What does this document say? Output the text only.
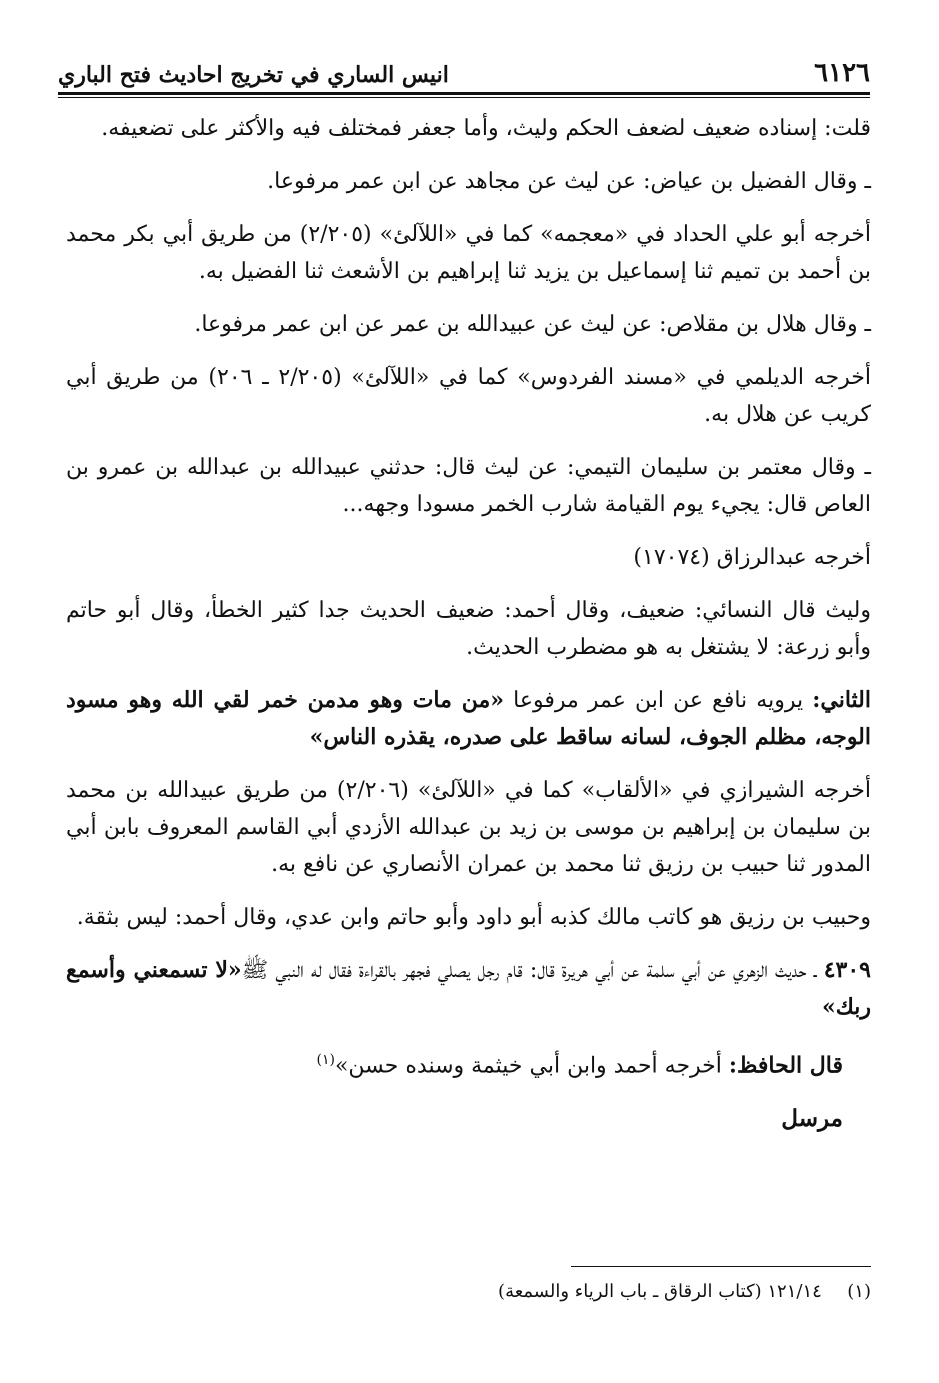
٦١٢٦
انيس الساري في تخريج احاديث فتح الباري

قلت: إسناده ضعيف لضعف الحكم وليث، وأما جعفر فمختلف فيه والأكثر على تضعيفه.

ـ وقال الفضيل بن عياض: عن ليث عن مجاهد عن ابن عمر مرفوعا.

أخرجه أبو علي الحداد في «معجمه» كما في «اللآلئ» (٢/٢٠٥) من طريق أبي بكر محمد بن أحمد بن تميم ثنا إسماعيل بن يزيد ثنا إبراهيم بن الأشعث ثنا الفضيل به.

ـ وقال هلال بن مقلاص: عن ليث عن عبيدالله بن عمر عن ابن عمر مرفوعا.

أخرجه الديلمي في «مسند الفردوس» كما في «اللآلئ» (٢/٢٠٥ ـ ٢٠٦) من طريق أبي كريب عن هلال به.

ـ وقال معتمر بن سليمان التيمي: عن ليث قال: حدثني عبيدالله بن عبدالله بن عمرو بن العاص قال: يجيء يوم القيامة شارب الخمر مسودا وجهه...

أخرجه عبدالرزاق (١٧٠٧٤)

وليث قال النسائي: ضعيف، وقال أحمد: ضعيف الحديث جدا كثير الخطأ، وقال أبو حاتم وأبو زرعة: لا يشتغل به هو مضطرب الحديث.

الثاني: يرويه نافع عن ابن عمر مرفوعا «من مات وهو مدمن خمر لقي الله وهو مسود الوجه، مظلم الجوف، لسانه ساقط على صدره، يقذره الناس»

أخرجه الشيرازي في «الألقاب» كما في «اللآلئ» (٢/٢٠٦) من طريق عبيدالله بن محمد بن سليمان بن إبراهيم بن موسى بن زيد بن عبدالله الأزدي أبي القاسم المعروف بابن أبي المدور ثنا حبيب بن رزيق ثنا محمد بن عمران الأنصاري عن نافع به.

وحبيب بن رزيق هو كاتب مالك كذبه أبو داود وأبو حاتم وابن عدي، وقال أحمد: ليس بثقة.

٤٣٠٩ ـ حديث الزهري عن أبي سلمة عن أبي هريرة قال: قام رجل يصلي فجهر بالقراءة فقال له النبي ﷺ«لا تسمعني وأسمع ربك»

قال الحافظ: أخرجه أحمد وابن أبي خيثمة وسنده حسن»$^{(١)}$

مرسل

(١)  ١٢١/١٤ (كتاب الرقاق ـ باب الرياء والسمعة)
